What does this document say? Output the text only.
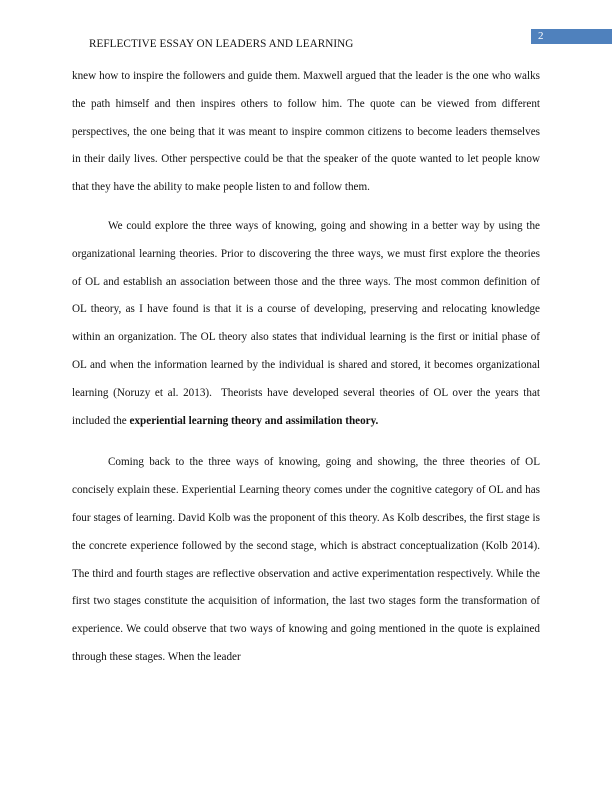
2
REFLECTIVE ESSAY ON LEADERS AND LEARNING

knew how to inspire the followers and guide them. Maxwell argued that the leader is the one who walks the path himself and then inspires others to follow him. The quote can be viewed from different perspectives, the one being that it was meant to inspire common citizens to become leaders themselves in their daily lives. Other perspective could be that the speaker of the quote wanted to let people know that they have the ability to make people listen to and follow them.

We could explore the three ways of knowing, going and showing in a better way by using the organizational learning theories. Prior to discovering the three ways, we must first explore the theories of OL and establish an association between those and the three ways. The most common definition of OL theory, as I have found is that it is a course of developing, preserving and relocating knowledge within an organization. The OL theory also states that individual learning is the first or initial phase of OL and when the information learned by the individual is shared and stored, it becomes organizational learning (Noruzy et al. 2013).  Theorists have developed several theories of OL over the years that included the experiential learning theory and assimilation theory.

Coming back to the three ways of knowing, going and showing, the three theories of OL concisely explain these. Experiential Learning theory comes under the cognitive category of OL and has four stages of learning. David Kolb was the proponent of this theory. As Kolb describes, the first stage is the concrete experience followed by the second stage, which is abstract conceptualization (Kolb 2014). The third and fourth stages are reflective observation and active experimentation respectively. While the first two stages constitute the acquisition of information, the last two stages form the transformation of experience. We could observe that two ways of knowing and going mentioned in the quote is explained through these stages. When the leader
